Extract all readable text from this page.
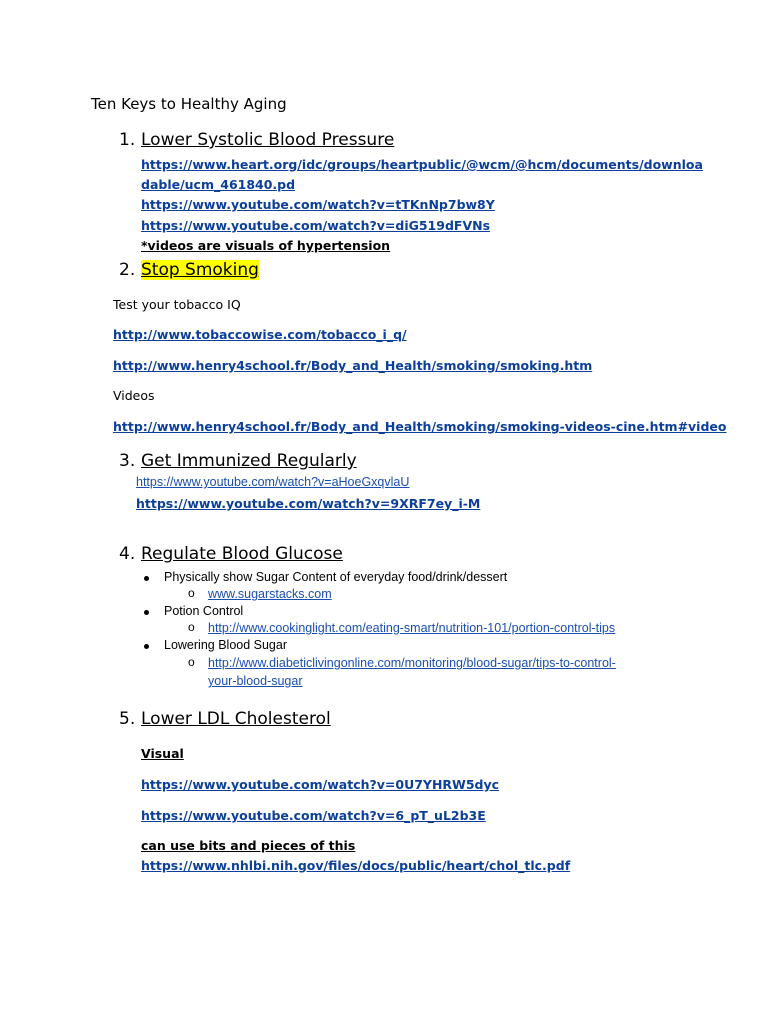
Ten Keys to Healthy Aging
1. Lower Systolic Blood Pressure
https://www.heart.org/idc/groups/heartpublic/@wcm/@hcm/documents/downloa
dable/ucm_461840.pd
https://www.youtube.com/watch?v=tTKnNp7bw8Y
https://www.youtube.com/watch?v=diG519dFVNs
*videos are visuals of hypertension
2. Stop Smoking
Test your tobacco IQ
http://www.tobaccowise.com/tobacco_i_q/
http://www.henry4school.fr/Body_and_Health/smoking/smoking.htm
Videos
http://www.henry4school.fr/Body_and_Health/smoking/smoking-videos-cine.htm#video
3. Get Immunized Regularly
https://www.youtube.com/watch?v=aHoeGxqvlaU
https://www.youtube.com/watch?v=9XRF7ey_i-M
4. Regulate Blood Glucose
Physically show Sugar Content of everyday food/drink/dessert
o www.sugarstacks.com
Potion Control
o http://www.cookinglight.com/eating-smart/nutrition-101/portion-control-tips
Lowering Blood Sugar
o http://www.diabeticlivingonline.com/monitoring/blood-sugar/tips-to-control-
your-blood-sugar
5. Lower LDL Cholesterol
Visual
https://www.youtube.com/watch?v=0U7YHRW5dyc
https://www.youtube.com/watch?v=6_pT_uL2b3E
can use bits and pieces of this
https://www.nhlbi.nih.gov/files/docs/public/heart/chol_tlc.pdf
